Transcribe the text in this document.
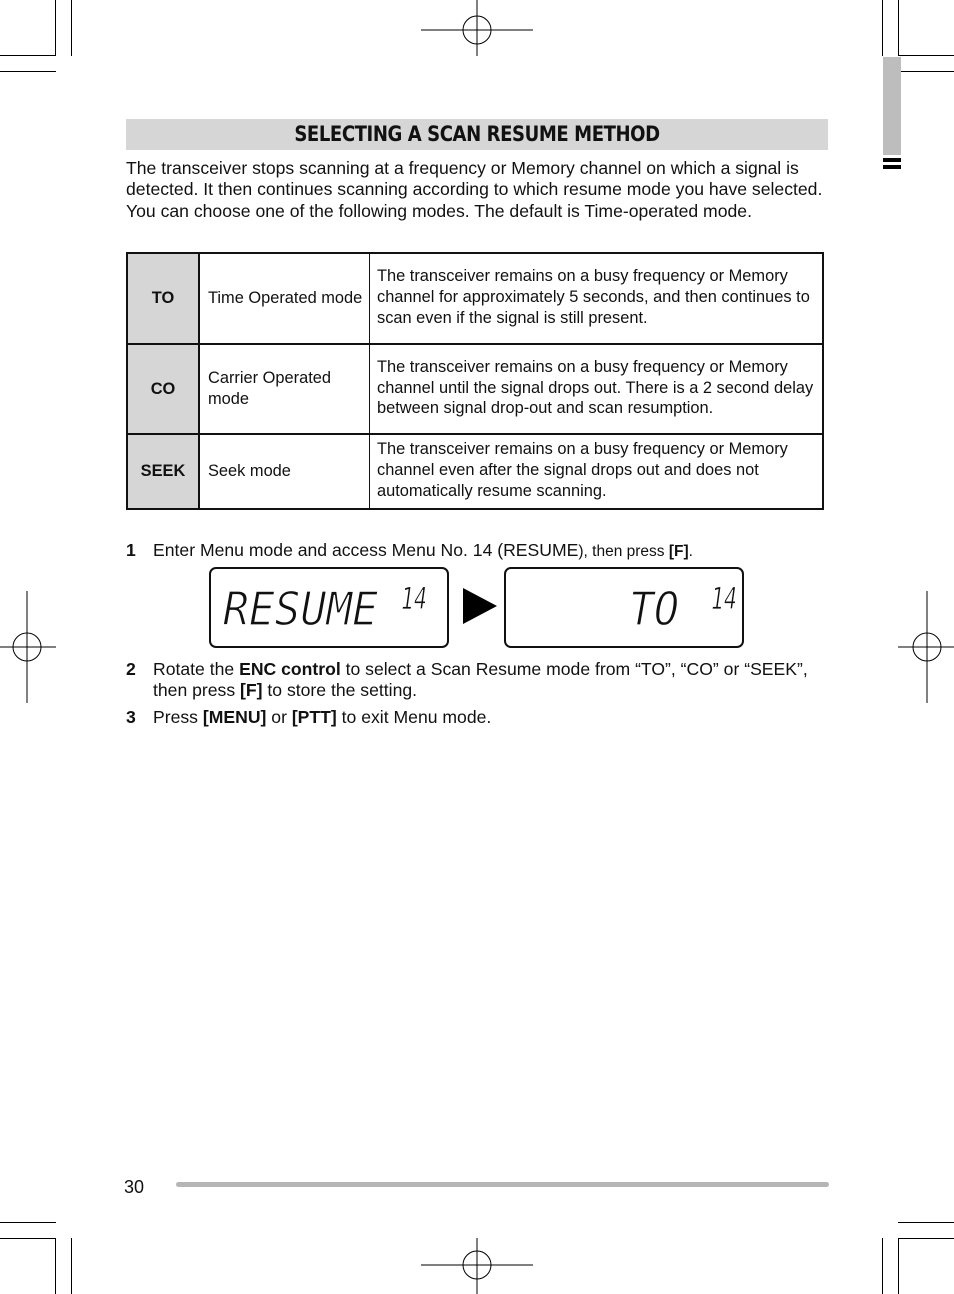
SELECTING A SCAN RESUME METHOD

The transceiver stops scanning at a frequency or Memory channel on which a signal is detected. It then continues scanning according to which resume mode you have selected. You can choose one of the following modes. The default is Time-operated mode.

TO	Time Operated mode	The transceiver remains on a busy frequency or Memory channel for approximately 5 seconds, and then continues to scan even if the signal is still present.
CO	Carrier Operated mode	The transceiver remains on a busy frequency or Memory channel until the signal drops out. There is a 2 second delay between signal drop-out and scan resumption.
SEEK	Seek mode	The transceiver remains on a busy frequency or Memory channel even after the signal drops out and does not automatically resume scanning.
1 Enter Menu mode and access Menu No. 14 (RESUME), then press [F].
RESUME 14	TO 14
2 Rotate the ENC control to select a Scan Resume mode from “TO”, “CO” or “SEEK”, then press [F] to store the setting.
3 Press [MENU] or [PTT] to exit Menu mode.
30
